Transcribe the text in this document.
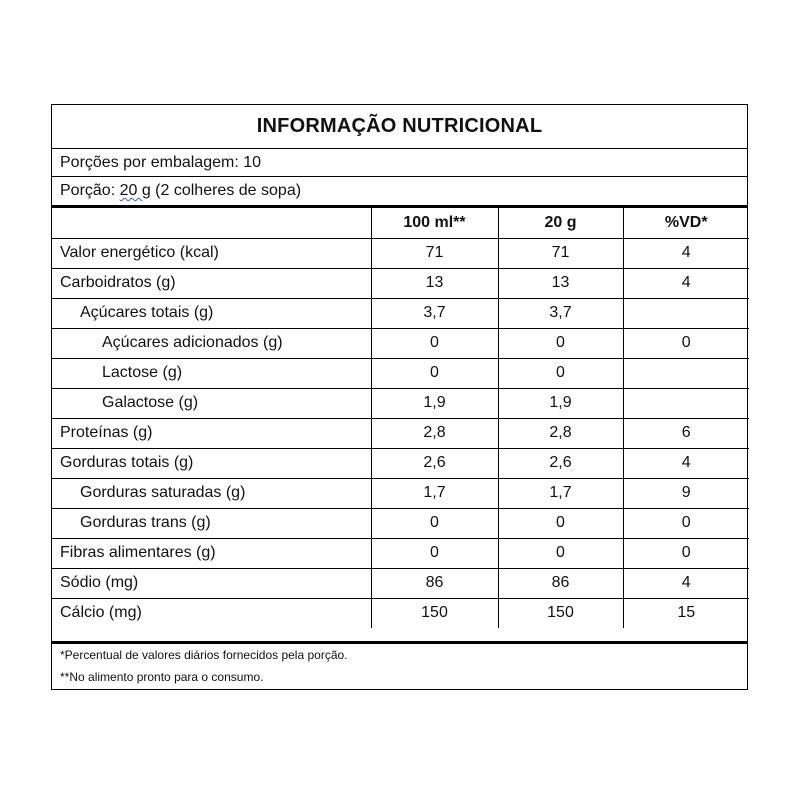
INFORMAÇÃO NUTRICIONAL
Porções por embalagem: 10
Porção: 20 g (2 colheres de sopa)
	100 ml**	20 g	%VD*
Valor energético (kcal)	71	71	4
Carboidratos (g)	13	13	4
Açúcares totais (g)	3,7	3,7	
Açúcares adicionados (g)	0	0	0
Lactose (g)	0	0	
Galactose (g)	1,9	1,9	
Proteínas (g)	2,8	2,8	6
Gorduras totais (g)	2,6	2,6	4
Gorduras saturadas (g)	1,7	1,7	9
Gorduras trans (g)	0	0	0
Fibras alimentares (g)	0	0	0
Sódio (mg)	86	86	4
Cálcio (mg)	150	150	15
*Percentual de valores diários fornecidos pela porção.
**No alimento pronto para o consumo.
